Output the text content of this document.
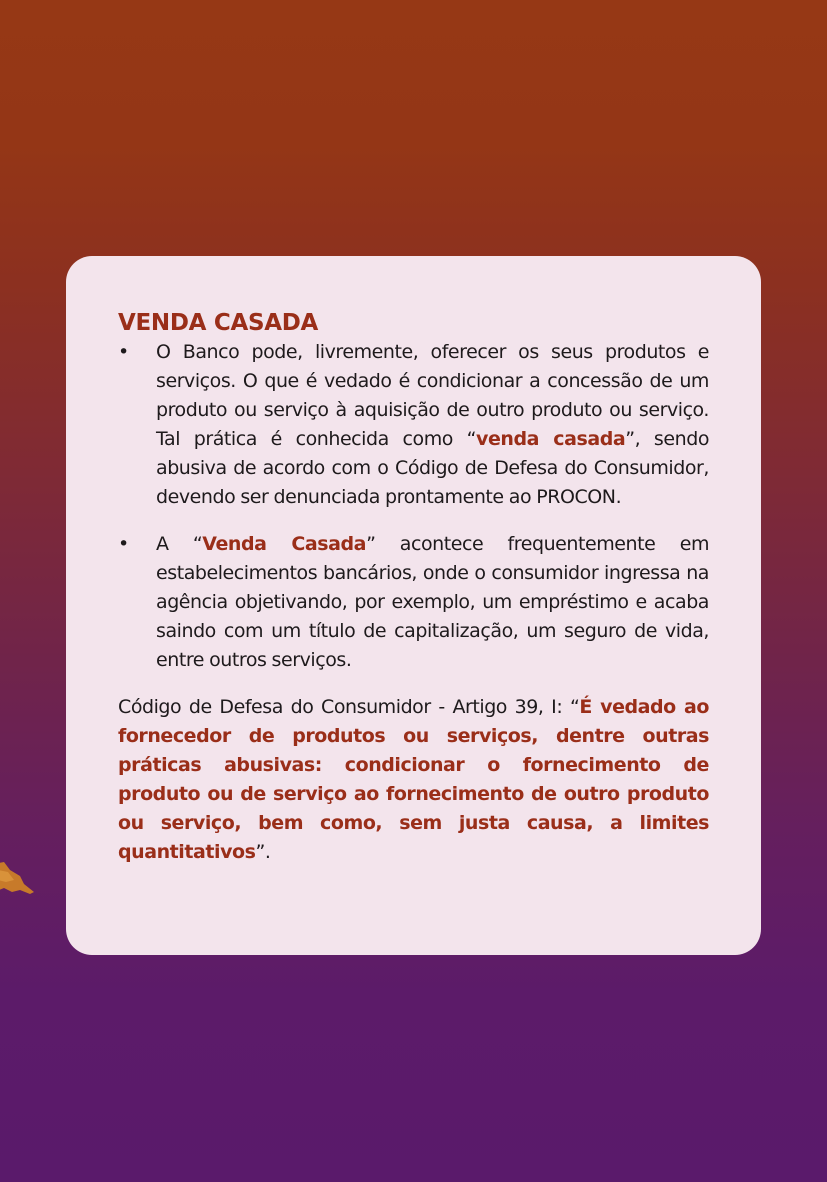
VENDA CASADA
•	O Banco pode, livremente, oferecer os seus produtos e serviços. O que é vedado é condicionar a concessão de um produto ou serviço à aquisição de outro produto ou serviço. Tal prática é conhecida como “venda casada”, sendo abusiva de acordo com o Código de Defesa do Consumidor, devendo ser denunciada prontamente ao PROCON.
•	A “Venda Casada” acontece frequentemente em estabelecimentos bancários, onde o consumidor ingressa na agência objetivando, por exemplo, um empréstimo e acaba saindo com um título de capitalização, um seguro de vida, entre outros serviços.
Código de Defesa do Consumidor - Artigo 39, I: “É vedado ao fornecedor de produtos ou serviços, dentre outras práticas abusivas: condicionar o fornecimento de produto ou de serviço ao fornecimento de outro produto ou serviço, bem como, sem justa causa, a limites quantitativos”.
